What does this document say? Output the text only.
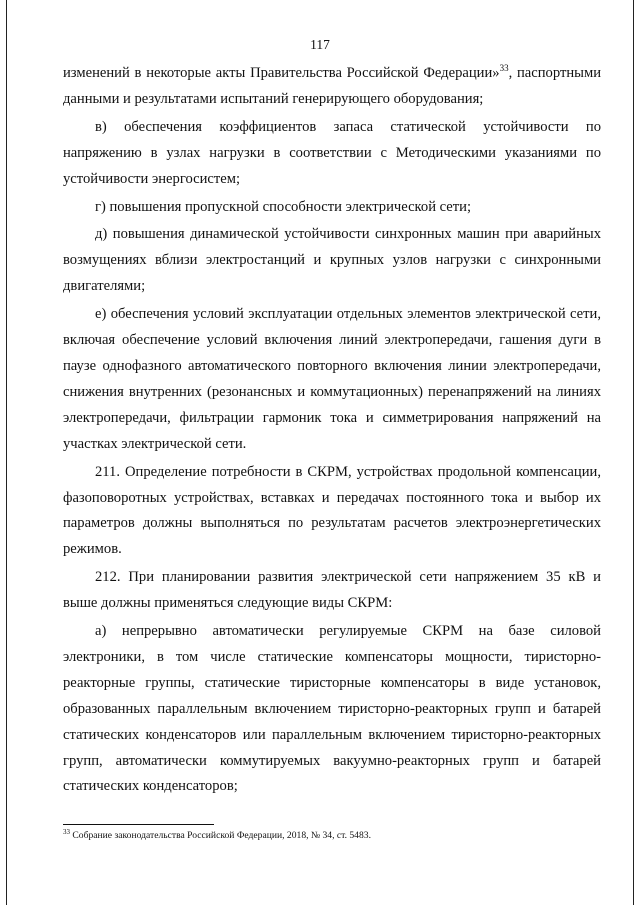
117

изменений в некоторые акты Правительства Российской Федерации»$^{33}$, паспортными данными и результатами испытаний генерирующего оборудования;

в) обеспечения коэффициентов запаса статической устойчивости по напряжению в узлах нагрузки в соответствии с Методическими указаниями по устойчивости энергосистем;

г) повышения пропускной способности электрической сети;

д) повышения динамической устойчивости синхронных машин при аварийных возмущениях вблизи электростанций и крупных узлов нагрузки с синхронными двигателями;

е) обеспечения условий эксплуатации отдельных элементов электрической сети, включая обеспечение условий включения линий электропередачи, гашения дуги в паузе однофазного автоматического повторного включения линии электропередачи, снижения внутренних (резонансных и коммутационных) перенапряжений на линиях электропередачи, фильтрации гармоник тока и симметрирования напряжений на участках электрической сети.

211. Определение потребности в СКРМ, устройствах продольной компенсации, фазоповоротных устройствах, вставках и передачах постоянного тока и выбор их параметров должны выполняться по результатам расчетов электроэнергетических режимов.

212. При планировании развития электрической сети напряжением 35 кВ и выше должны применяться следующие виды СКРМ:

а) непрерывно автоматически регулируемые СКРМ на базе силовой электроники, в том числе статические компенсаторы мощности, тиристорно-реакторные группы, статические тиристорные компенсаторы в виде установок, образованных параллельным включением тиристорно-реакторных групп и батарей статических конденсаторов или параллельным включением тиристорно-реакторных групп, автоматически коммутируемых вакуумно-реакторных групп и батарей статических конденсаторов;

$^{33}$ Собрание законодательства Российской Федерации, 2018, № 34, ст. 5483.
